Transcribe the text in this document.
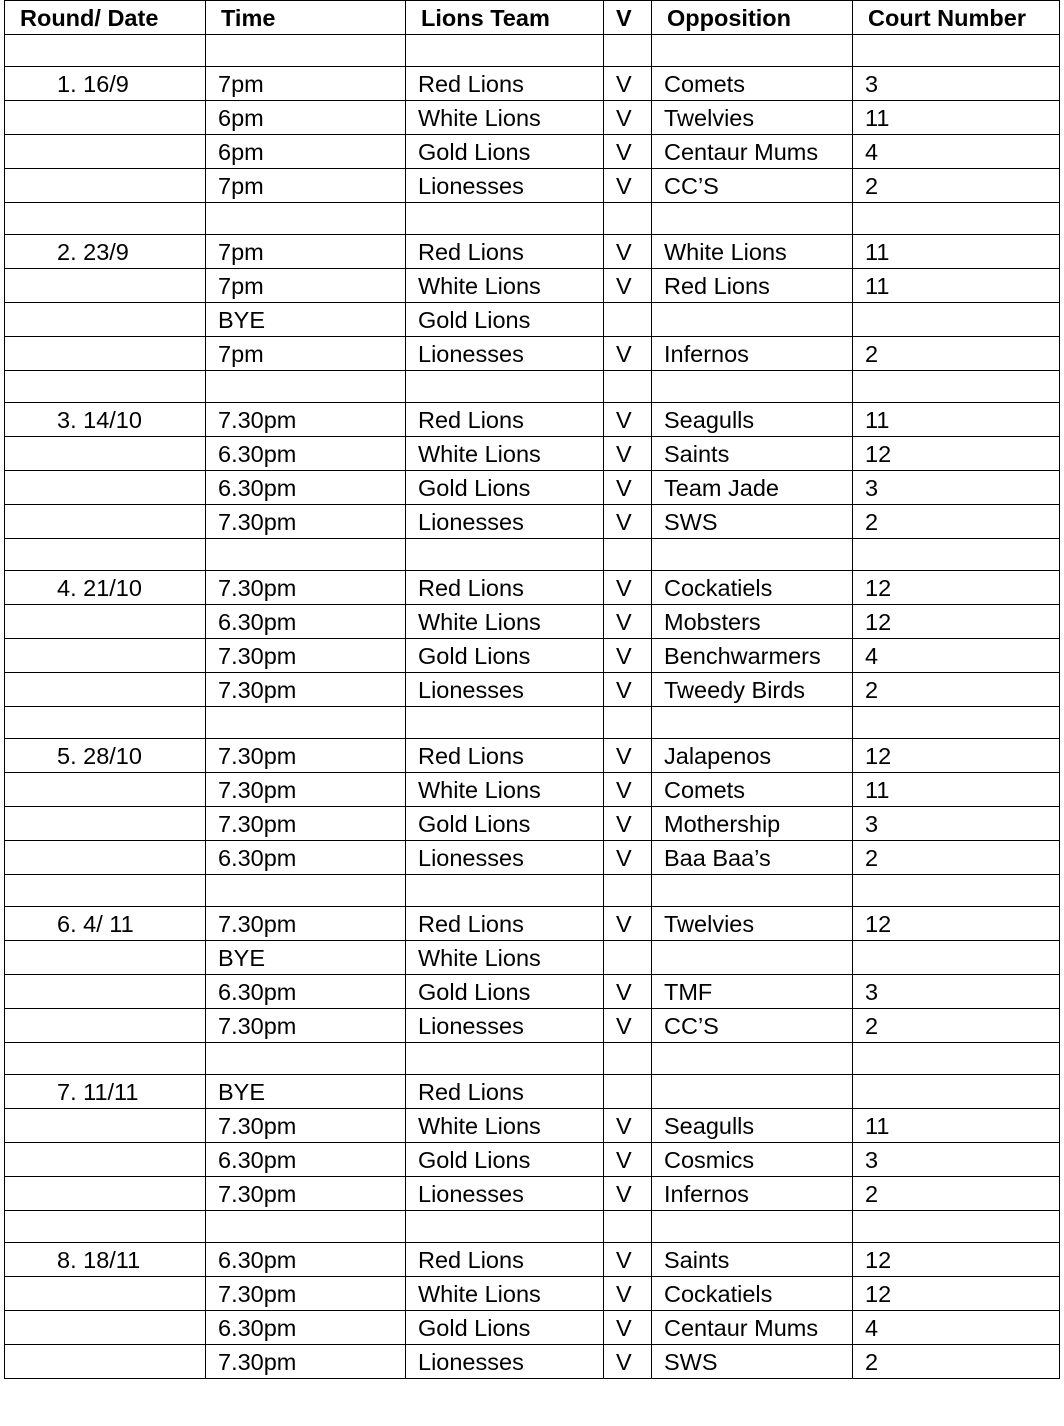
Round/ Date	Time	Lions Team	V	Opposition	Court Number

1. 16/9	7pm	Red Lions	V	Comets	3
	6pm	White Lions	V	Twelvies	11
	6pm	Gold Lions	V	Centaur Mums	4
	7pm	Lionesses	V	CC’S	2

2. 23/9	7pm	Red Lions	V	White Lions	11
	7pm	White Lions	V	Red Lions	11
	BYE	Gold Lions			
	7pm	Lionesses	V	Infernos	2

3. 14/10	7.30pm	Red Lions	V	Seagulls	11
	6.30pm	White Lions	V	Saints	12
	6.30pm	Gold Lions	V	Team Jade	3
	7.30pm	Lionesses	V	SWS	2

4. 21/10	7.30pm	Red Lions	V	Cockatiels	12
	6.30pm	White Lions	V	Mobsters	12
	7.30pm	Gold Lions	V	Benchwarmers	4
	7.30pm	Lionesses	V	Tweedy Birds	2

5. 28/10	7.30pm	Red Lions	V	Jalapenos	12
	7.30pm	White Lions	V	Comets	11
	7.30pm	Gold Lions	V	Mothership	3
	6.30pm	Lionesses	V	Baa Baa’s	2

6. 4/ 11	7.30pm	Red Lions	V	Twelvies	12
	BYE	White Lions			
	6.30pm	Gold Lions	V	TMF	3
	7.30pm	Lionesses	V	CC’S	2

7. 11/11	BYE	Red Lions			
	7.30pm	White Lions	V	Seagulls	11
	6.30pm	Gold Lions	V	Cosmics	3
	7.30pm	Lionesses	V	Infernos	2

8. 18/11	6.30pm	Red Lions	V	Saints	12
	7.30pm	White Lions	V	Cockatiels	12
	6.30pm	Gold Lions	V	Centaur Mums	4
	7.30pm	Lionesses	V	SWS	2
